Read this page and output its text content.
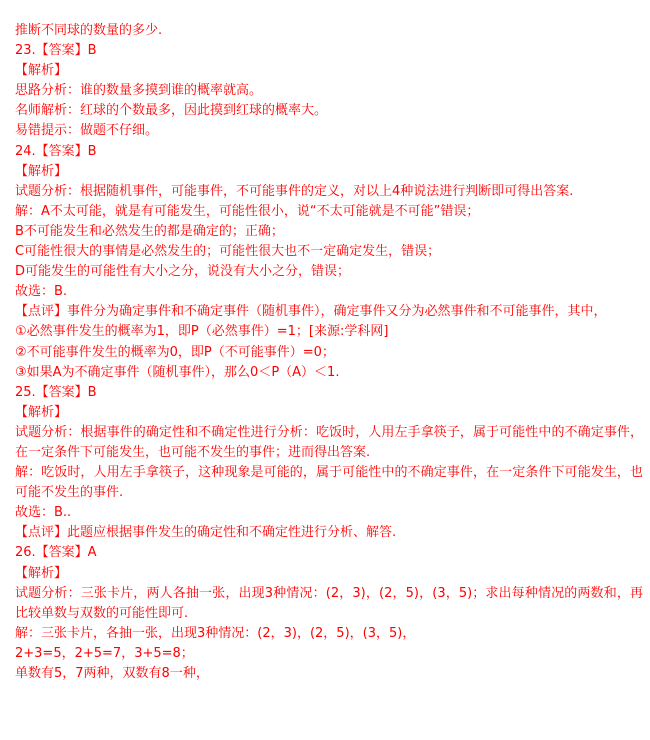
推断不同球的数量的多少.
23.【答案】B
【解析】
思路分析：谁的数量多摸到谁的概率就高。
名师解析：红球的个数最多，因此摸到红球的概率大。
易错提示：做题不仔细。
24.【答案】B
【解析】
试题分析：根据随机事件，可能事件，不可能事件的定义，对以上4种说法进行判断即可得出答案.
解：A不太可能，就是有可能发生，可能性很小，说“不太可能就是不可能”错误；
B不可能发生和必然发生的都是确定的；正确；
C可能性很大的事情是必然发生的；可能性很大也不一定确定发生，错误；
D可能发生的可能性有大小之分，说没有大小之分，错误；
故选：B.
【点评】事件分为确定事件和不确定事件（随机事件），确定事件又分为必然事件和不可能事件，其中，
①必然事件发生的概率为1，即P（必然事件）=1；[来源:学科网]
②不可能事件发生的概率为0，即P（不可能事件）=0；
③如果A为不确定事件（随机事件），那么0＜P（A）＜1.
25.【答案】B
【解析】
试题分析：根据事件的确定性和不确定性进行分析：吃饭时，人用左手拿筷子，属于可能性中的不确定事件，在一定条件下可能发生，也可能不发生的事件；进而得出答案.
解：吃饭时，人用左手拿筷子，这种现象是可能的，属于可能性中的不确定事件，在一定条件下可能发生，也可能不发生的事件.
故选：B..
【点评】此题应根据事件发生的确定性和不确定性进行分析、解答.
26.【答案】A
【解析】
试题分析：三张卡片，两人各抽一张，出现3种情况：(2，3)，(2，5)，(3，5)；求出每种情况的两数和，再比较单数与双数的可能性即可.
解：三张卡片，各抽一张，出现3种情况：(2，3)，(2，5)，(3，5)，
2+3=5，2+5=7，3+5=8；
单数有5，7两种，双数有8一种，
